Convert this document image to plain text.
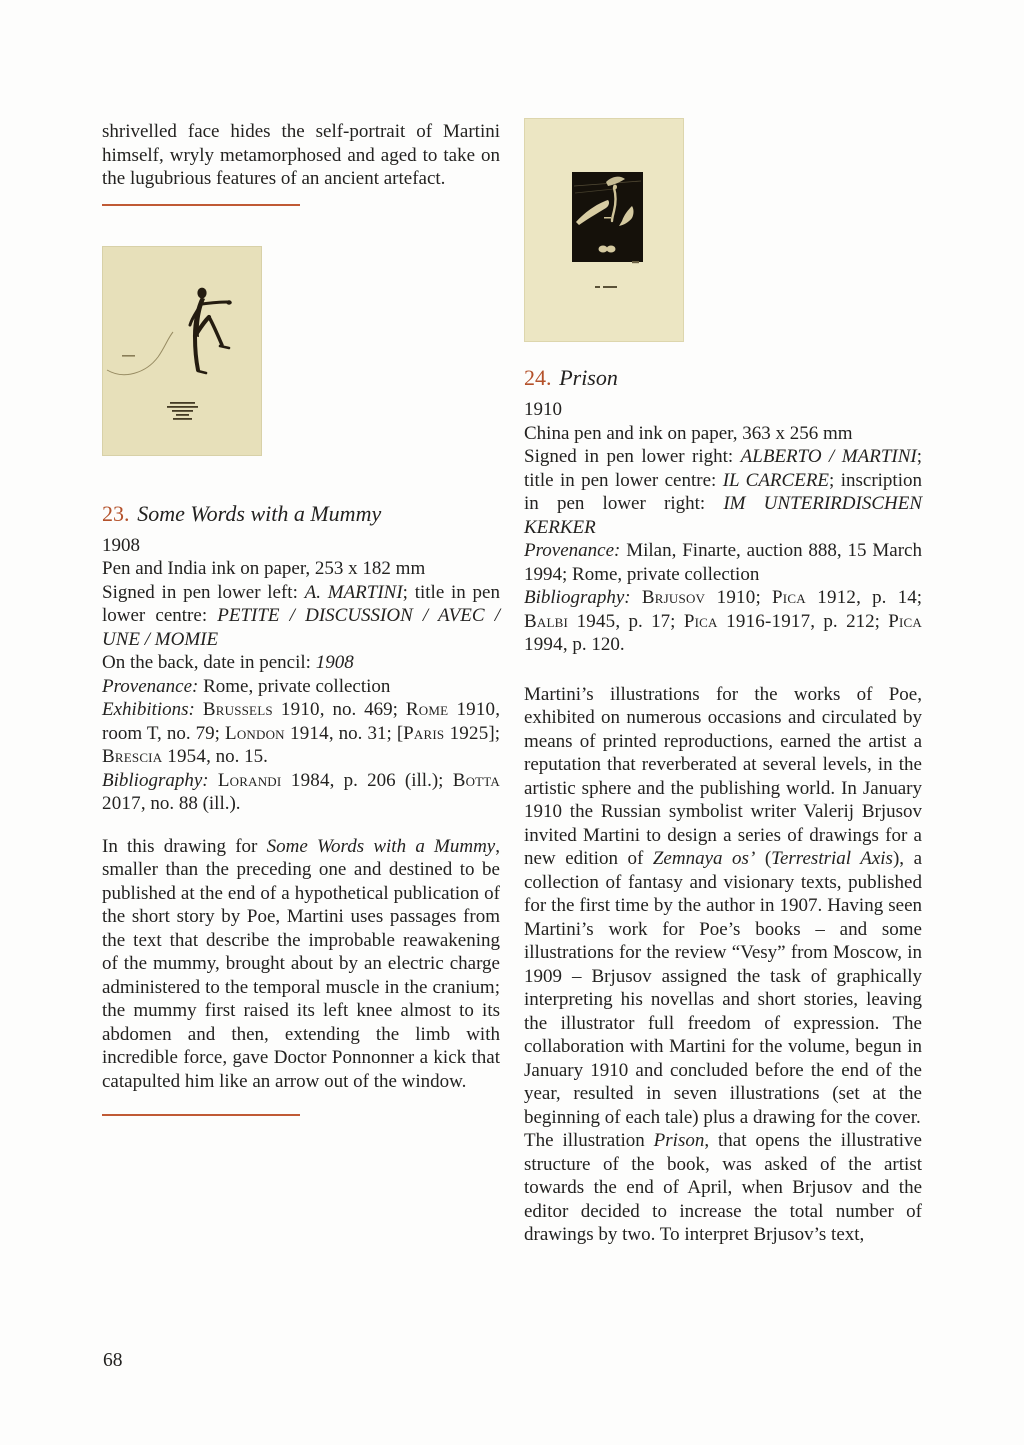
shrivelled face hides the self-portrait of Martini himself, wryly metamorphosed and aged to take on the lugubrious features of an ancient artefact.

23. Some Words with a Mummy

1908

Pen and India ink on paper, 253 x 182 mm

Signed in pen lower left: A. MARTINI; title in pen lower centre: PETITE / DISCUSSION / AVEC / UNE / MOMIE

On the back, date in pencil: 1908

Provenance: Rome, private collection

Exhibitions: Brussels 1910, no. 469; Rome 1910, room T, no. 79; London 1914, no. 31; [Paris 1925]; Brescia 1954, no. 15.

Bibliography: Lorandi 1984, p. 206 (ill.); Botta 2017, no. 88 (ill.).

In this drawing for Some Words with a Mummy, smaller than the preceding one and destined to be published at the end of a hypothetical publication of the short story by Poe, Martini uses passages from the text that describe the improbable reawakening of the mummy, brought about by an electric charge administered to the temporal muscle in the cranium; the mummy first raised its left knee almost to its abdomen and then, extending the limb with incredible force, gave Doctor Ponnonner a kick that catapulted him like an arrow out of the window.

24. Prison

1910

China pen and ink on paper, 363 x 256 mm

Signed in pen lower right: ALBERTO / MARTINI; title in pen lower centre: IL CARCERE; inscription in pen lower right: IM UNTERIRDISCHEN KERKER

Provenance: Milan, Finarte, auction 888, 15 March 1994; Rome, private collection

Bibliography: Brjusov 1910; Pica 1912, p. 14; Balbi 1945, p. 17; Pica 1916-1917, p. 212; Pica 1994, p. 120.

Martini’s illustrations for the works of Poe, exhibited on numerous occasions and circulated by means of printed reproductions, earned the artist a reputation that reverberated at several levels, in the artistic sphere and the publishing world. In January 1910 the Russian symbolist writer Valerij Brjusov invited Martini to design a series of drawings for a new edition of Zemnaya os’ (Terrestrial Axis), a collection of fantasy and visionary texts, published for the first time by the author in 1907. Having seen Martini’s work for Poe’s books – and some illustrations for the review “Vesy” from Moscow, in 1909 – Brjusov assigned the task of graphically interpreting his novellas and short stories, leaving the illustrator full freedom of expression. The collaboration with Martini for the volume, begun in January 1910 and concluded before the end of the year, resulted in seven illustrations (set at the beginning of each tale) plus a drawing for the cover.

The illustration Prison, that opens the illustrative structure of the book, was asked of the artist towards the end of April, when Brjusov and the editor decided to increase the total number of drawings by two. To interpret Brjusov’s text,

68
